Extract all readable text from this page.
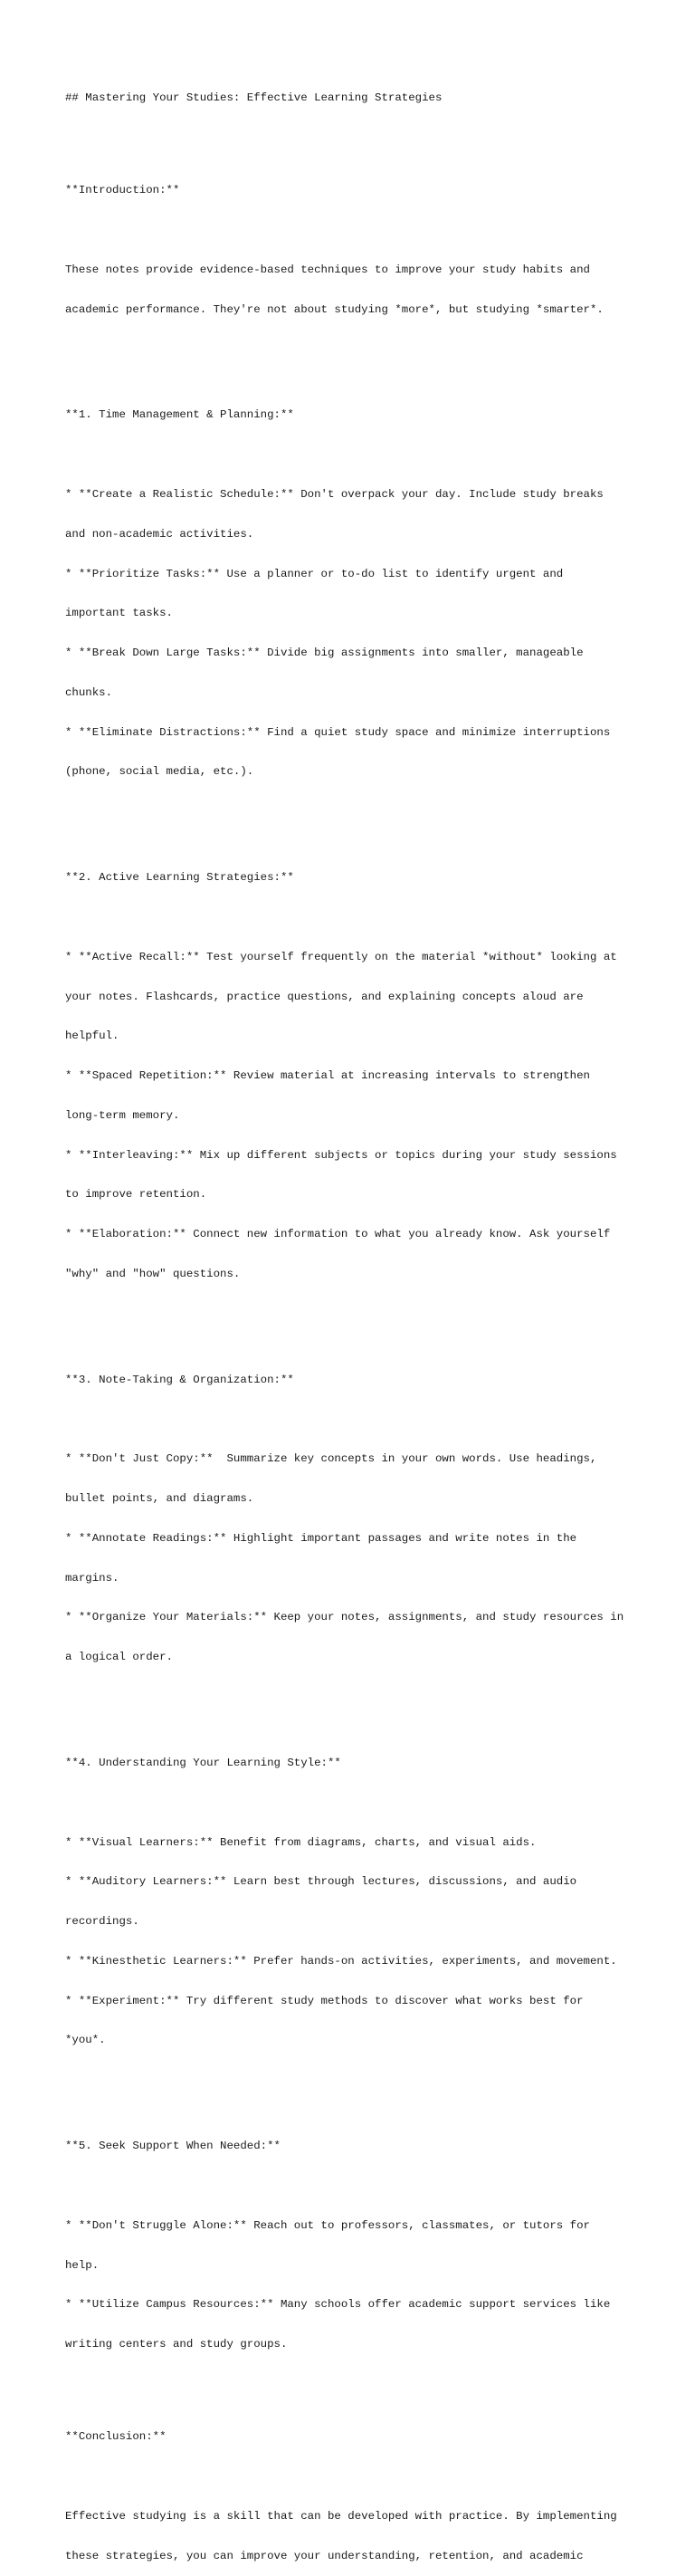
## Mastering Your Studies: Effective Learning Strategies

**Introduction:**

These notes provide evidence-based techniques to improve your study habits and

academic performance. They're not about studying *more*, but studying *smarter*.

**1. Time Management & Planning:**

* **Create a Realistic Schedule:** Don't overpack your day. Include study breaks

and non-academic activities.

* **Prioritize Tasks:** Use a planner or to-do list to identify urgent and

important tasks.

* **Break Down Large Tasks:** Divide big assignments into smaller, manageable

chunks.

* **Eliminate Distractions:** Find a quiet study space and minimize interruptions

(phone, social media, etc.).

**2. Active Learning Strategies:**

* **Active Recall:** Test yourself frequently on the material *without* looking at

your notes. Flashcards, practice questions, and explaining concepts aloud are

helpful.

* **Spaced Repetition:** Review material at increasing intervals to strengthen

long-term memory.

* **Interleaving:** Mix up different subjects or topics during your study sessions

to improve retention.

* **Elaboration:** Connect new information to what you already know. Ask yourself

"why" and "how" questions.

**3. Note-Taking & Organization:**

* **Don't Just Copy:**  Summarize key concepts in your own words. Use headings,

bullet points, and diagrams.

* **Annotate Readings:** Highlight important passages and write notes in the

margins.

* **Organize Your Materials:** Keep your notes, assignments, and study resources in

a logical order.

**4. Understanding Your Learning Style:**

* **Visual Learners:** Benefit from diagrams, charts, and visual aids.

* **Auditory Learners:** Learn best through lectures, discussions, and audio

recordings.

* **Kinesthetic Learners:** Prefer hands-on activities, experiments, and movement.

* **Experiment:** Try different study methods to discover what works best for

*you*.

**5. Seek Support When Needed:**

* **Don't Struggle Alone:** Reach out to professors, classmates, or tutors for

help.

* **Utilize Campus Resources:** Many schools offer academic support services like

writing centers and study groups.

**Conclusion:**

Effective studying is a skill that can be developed with practice. By implementing

these strategies, you can improve your understanding, retention, and academic
